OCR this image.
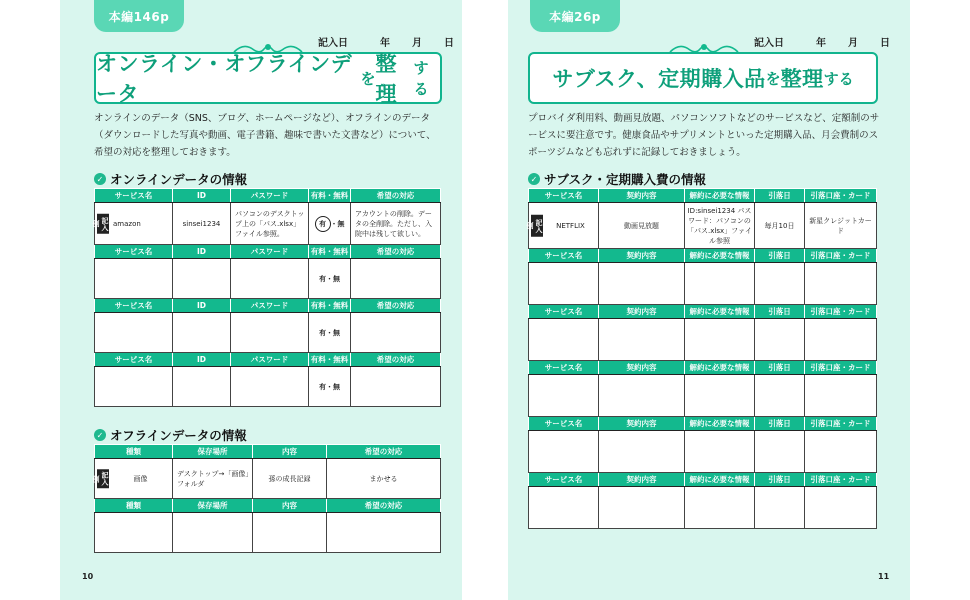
本編146p
記入日	年 月 日
オンライン・オフラインデータ
を
整理
する

オンラインのデータ（SNS、ブログ、ホームページなど）、オフラインのデータ（ダウンロードした写真や動画、電子書籍、趣味で書いた文書など）について、希望の対応を整理しておきます。

✓ オンラインデータの情報
サービス名	ID	パスワード	有料・無料	希望の対応

記入例 amazon	sinsei1234	パソコンのデスクトップ上の「パス.xlsx」ファイル参照。	有 ・無	アカウントの削除。データの全削除。ただし、入院中は残して欲しい。
サービス名	ID	パスワード	有料・無料	希望の対応
			有・無	
サービス名	ID	パスワード	有料・無料	希望の対応
			有・無	
サービス名	ID	パスワード	有料・無料	希望の対応
			有・無	
✓ オフラインデータの情報
種類	保存場所	内容	希望の対応

記入例 画像	デスクトップ→「画像」フォルダ	孫の成長記録	まかせる
種類	保存場所	内容	希望の対応

10
本編26p
記入日	年 月 日
サブスク、定期購入品 を 整理 する

プロバイダ利用料、動画見放題、パソコンソフトなどのサービスなど、定額制のサービスに要注意です。健康食品やサプリメントといった定期購入品、月会費制のスポーツジムなども忘れずに記録しておきましょう。

✓ サブスク・定期購入費の情報
サービス名	契約内容	解約に必要な情報	引落日	引落口座・カード

記入例 NETFLIX	動画見放題	ID:sinsei1234 パスワード：パソコンの「パス.xlsx」ファイル参照	毎月10日	新星クレジットカード
サービス名	契約内容	解約に必要な情報	引落日	引落口座・カード

サービス名	契約内容	解約に必要な情報	引落日	引落口座・カード

サービス名	契約内容	解約に必要な情報	引落日	引落口座・カード

サービス名	契約内容	解約に必要な情報	引落日	引落口座・カード

サービス名	契約内容	解約に必要な情報	引落日	引落口座・カード

11
